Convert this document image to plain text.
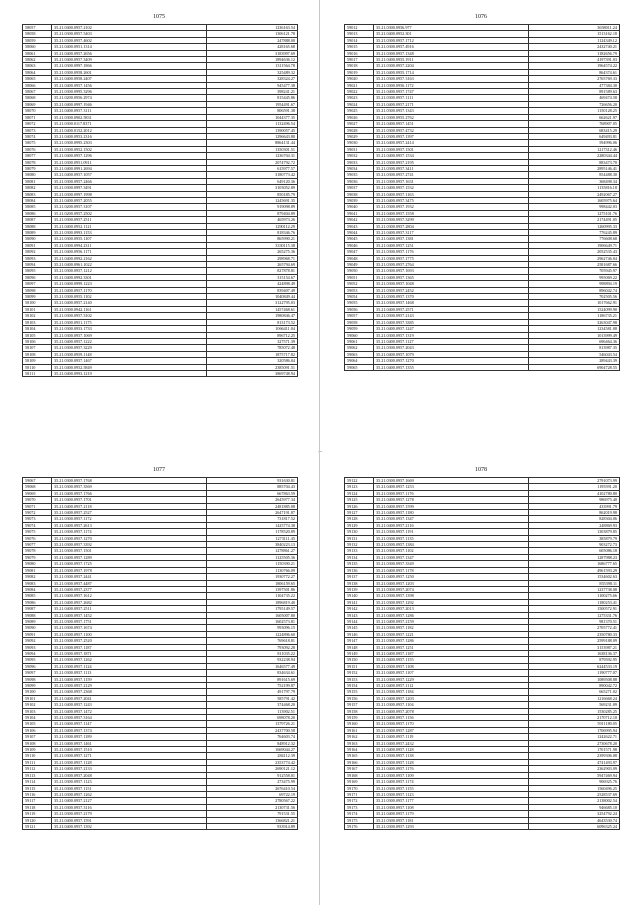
1075
58057	35.21.0400.0957.2102	1236163.54
58058	35.21.0300.0957.5403	1306121.78
58059	35.21.0300.0957.4602	247888.00
58060	35.21.0400.0951.1314	428165.68
58061	35.21.0400.0957.2656	3183997.69
58062	35.21.0400.0957.3409	1894636.12
58063	35.21.0300.0997.1866	1311564.78
58064	35.21.0300.0958.2601	325489.32
58065	35.21.0400.0958.2407	328324.27
58066	35.21.0400.0957.1456	945477.38
58067	35.21.0300.0995.3296	398241.21
58068	35.21.0200.0956.2974	815445.86
58069	35.21.0400.0997.1946	1954491.67
58070	35.21.0400.0957.3111	806591.38
58071	35.21.0300.0902.5831	1044377.35
58072	35.21.0300.0117.8371	1132496.54
58073	35.21.0400.0152.2012	1390057.45
58074	35.21.0400.0953.2316	1296643.80
58075	35.21.0300.0995.2303	8864131.44
58076	35.21.0300.0952.1502	1350301.51
58077	35.21.0400.0957.1296	1236704.31
58078	35.21.0300.0951.0911	2074792.72
58079	35.21.0400.0991.2694	615977.57
58080	35.21.0400.0957.1057	3180773.42
58081	35.21.0300.0957.2466	649120.36
58082	35.21.0300.0997.3491	3103052.89
58083	35.21.0300.0997.1998	850185.79
58084	35.21.0400.0957.2055	1245691.35
58085	35.21.0200.0957.3107	919098.89
58086	35.21.0200.0957.2502	879404.89
58087	35.21.0300.0957.2511	465973.26
58088	35.21.0400.0952.1121	1290112.29
58089	35.21.0300.0993.1153	818346.76
58090	35.21.0300.0955.1107	865990.21
58091	35.21.0300.0994.2311	3330115.38
58092	35.21.0400.0956.1171	265275.36
58093	35.21.0400.0992.2162	298968.71
58094	35.21.0400.0961.1022	265794.69
58095	35.21.0300.0957.1212	827878.81
58096	35.21.0400.0992.3301	315154.67
58097	35.21.0400.0999.1223	424898.49
58098	35.21.0400.0957.1170	839407.49
58099	35.21.0300.0955.1102	1040849.44
58100	35.21.0400.0957.2140	3122795.03
58101	35.21.0300.0942.1161	1457468.61
58102	35.21.0300.0957.3102	1980846.47
58103	35.21.0300.0951.1175	813173.52
58104	35.21.0300.0953.1733	1066411.04
58105	35.21.0300.0957.1069	896712.25
58106	35.21.0400.0957.1222	327571.39
58107	35.21.0300.0957.3229	785072.48
58108	35.21.0300.0959.1148	1875717.82
58109	35.21.0300.0957.1467	320586.04
58110	35.21.0400.0952.5849	2385091.51
58111	35.21.0400.0993.1219	3869748.94
1076
59012	35.21.0300.0956.977	3658011.24
59013	35.21.0400.0952.301	1513162.18
59014	35.21.0300.0957.1712	1124349.12
59015	35.21.0300.0957.4916	2432740.21
59016	35.21.0300.0957.1348	1182656.79
59017	35.21.0400.0955.1911	4197391.03
59018	35.21.0300.0957.2204	1964574.22
59019	35.21.0400.0955.1714	864374.61
59020	35.21.0300.0957.3163	2765769.33
59021	35.21.0300.0956.1172	477384.30
59022	35.21.0400.0957.1747	891589.63
59023	35.21.0300.0957.1111	469474.58
59024	35.21.0400.0957.2171	726656.20
59025	35.21.0300.0957.1343	1150128.25
59026	35.21.0300.0955.2762	662621.97
59027	35.21.0400.0957.1451	768907.05
59028	35.21.0300.0957.4732	683415.29
59029	35.21.0300.0957.1397	649493.81
59030	35.21.0400.0957.2414	594996.06
59031	35.21.0300.0957.1501	1217312.46
59032	35.21.0400.0957.1534	2280344.44
59033	35.21.0300.0957.2195	883473.70
59034	35.21.0300.0957.3411	2895146.41
59035	35.21.0300.0957.2741	854488.30
59036	35.21.0300.0957.1631	368498.34
59037	35.21.0400.0957.1532	1135816.18
59038	35.21.0400.0957.1163	2492067.27
59039	35.21.0400.0957.3475	1605975.64
59040	35.21.0300.0957.1932	998442.03
59041	35.21.0400.0957.1558	1275101.76
59042	35.21.0300.0957.3299	2174491.05
59043	35.21.0300.0957.2804	1260995.33
59044	35.21.0400.0957.3117	776245.89
59045	35.21.0400.0957.1381	776608.68
59046	35.21.0400.0957.1251	1906649.71
59047	35.21.0300.0957.1176	2052535.43
59048	35.21.0300.0957.1775	2962746.04
59049	35.21.0300.0957.2764	2581687.66
59050	35.21.0300.0957.1693	705945.97
59051	35.21.0400.0957.1365	995069.22
59052	35.21.0300.0957.1048	998894.19
59053	35.21.0300.0957.2452	896042.74
59054	35.21.0300.0957.1370	702505.56
59055	35.21.0300.0957.1468	1017662.91
59056	35.21.0400.0957.2571	1524099.90
59057	35.21.0300.0957.2143	1186735.21
59058	35.21.0400.0957.3385	3263047.98
59059	35.21.0400.0957.1247	1234581.08
59060	35.21.0300.0957.1319	1013999.49
59061	35.21.0400.0957.1127	696464.36
59062	35.21.0300.0957.2043	813987.35
59063	35.21.0400.0957.1079	546043.54
59064	35.21.0300.0957.1270	289443.39
59065	35.21.0400.0957.1355	6904728.55
1077
59067	35.21.0300.0957.1768	931630.81
59068	35.21.0300.0957.3569	885704.43
59069	35.21.0400.0957.1766	667863.59
59070	35.21.0400.0957.1701	2645977.34
59071	35.21.0400.0957.2118	2481885.08
59072	35.21.0400.0957.2527	2647191.87
59073	35.21.0300.0957.1172	731817.52
59074	35.21.0400.0957.2613	1425774.38
59075	35.21.0300.0957.1174	1178520.89
59076	35.21.0300.0957.1270	1273111.45
59077	35.21.0300.0957.3392	3840223.13
59078	35.21.0300.0957.1501	1278861.27
59079	35.21.0400.0957.1289	1125505.36
59080	35.21.0400.0957.1725	1150390.21
59081	35.21.0300.0957.1978	1130766.09
59082	35.21.0300.0957.2441	1930772.27
59083	35.21.0300.0957.4487	1806159.65
59084	35.21.0400.0957.2377	1397501.86
59085	35.21.0400.0957.1612	1104735.22
59086	35.21.0400.0957.2682	1896819.40
59087	35.21.0400.0957.2511	1795149.57
59088	35.21.0400.0957.1452	1605007.80
59089	35.21.0300.0957.1751	1602573.81
59090	35.21.0300.0957.1674	993096.15
59091	35.21.0300.0957.1100	1224896.60
59092	35.21.0300.0957.2520	769618.81
59093	35.21.0300.0957.1187	793092.28
59094	35.21.0300.0957.1871	811035.22
59095	35.21.0300.0957.1262	932238.94
59096	35.21.0300.0957.1124	1646577.49
59097	35.21.0300.0957.1113	834634.61
59098	35.21.0400.0957.1159	891615.69
59099	35.21.0300.0957.2129	752199.87
59100	35.21.0400.0957.2368	491797.79
59101	35.21.0400.0957.2041	585791.42
59102	35.21.0400.0957.1243	374468.20
59103	35.21.0400.0957.1472	113902.51
59104	35.21.0300.0957.3164	698078.20
59105	35.21.0400.0957.1147	1379726.21
59106	35.21.0400.0957.1374	2437700.58
59107	35.21.0300.0957.1189	764603.74
59108	35.21.0400.0957.1461	848912.32
59109	35.21.0400.0957.1510	1669044.27
59110	35.21.0300.0957.1271	284112.39
59111	35.21.0300.0957.1128	2353774.42
59112	35.21.0400.0957.2133	2690121.12
59113	35.21.0300.0957.2048	912558.01
59114	35.21.0300.0957.1123	273475.99
59115	35.21.0300.0957.1151	2676410.54
59116	35.21.0300.0957.1262	69722.19
59117	35.21.0400.0957.2127	2780567.22
59118	35.21.0300.0957.3116	2130731.56
59119	35.21.0300.0957.2179	791531.55
59120	35.21.0400.0957.1591	1366821.21
59121	35.21.0400.0957.1392	933914.89
1078
59122	35.21.0300.0957.1669	2791073.99
59123	35.21.0400.0957.1253	1195591.20
59124	35.21.0300.0957.1176	4102780.80
59125	35.21.0400.0957.1278	986975.40
59126	35.21.0400.0957.1599	433991.79
59127	35.21.0400.0957.1180	862019.98
59128	35.21.0300.0957.1347	828304.06
59129	35.21.0400.0957.2116	248869.93
59130	35.21.0300.0957.1191	1303879.85
59131	35.21.0300.0957.1135	385879.79
59132	35.21.0300.0957.1384	903272.73
59133	35.21.0300.0957.1102	605086.18
59134	35.21.0300.0957.1347	1287988.23
59135	35.21.0300.0957.3349	1686777.65
59136	35.21.0400.0957.1178	4961593.29
59137	35.21.0400.0957.1250	1534602.63
59138	35.21.0400.0957.1203	855398.11
59139	35.21.0300.0957.2074	1237738.08
59140	35.21.0300.0957.1398	1100275.66
59141	35.21.0300.0957.1292	1180253.41
59142	35.21.0300.0957.2013	1500572.91
59143	35.21.0400.0957.1286	1275331.76
59144	35.21.0400.0957.2159	981370.51
59145	35.21.0300.0957.1182	2705772.41
59146	35.21.0300.0957.1221	2350780.33
59147	35.21.0300.0957.1286	2599188.09
59148	35.21.0400.0957.1251	3153987.21
59149	35.21.0400.0957.1187	1638136.37
59150	35.21.0400.0957.1155	879592.95
59151	35.21.0300.0957.1108	6244533.19
59152	35.21.0400.0957.1107	1190777.07
59153	35.21.0300.0957.1229	1089508.88
59154	35.21.0400.0957.1112	890042.72
59155	35.21.0300.0957.1184	665271.02
59156	35.21.0400.0957.1203	1216668.24
59157	35.21.0300.0957.1104	569231.09
59158	35.21.0400.0957.2078	1530285.25
59159	35.21.0400.0957.1156	2170712.10
59160	35.21.0300.0957.1170	5911180.05
59161	35.21.0300.0957.1287	1706995.94
59162	35.21.0400.0957.1119	1242622.71
59163	35.21.0400.0957.2432	2730678.20
59164	35.21.0400.0957.1128	1701571.98
59165	35.21.0300.0957.1138	2399306.08
59166	35.21.0300.0957.1128	4741493.97
59167	35.21.0400.0957.1176	2362903.09
59168	35.21.0300.0957.1109	5947469.94
59169	35.21.0400.0957.1174	906925.76
59170	35.21.0300.0957.1155	1560496.25
59171	35.21.0300.0957.1123	2528537.69
59172	35.21.0300.0957.1177	2138002.54
59173	35.21.0300.0957.1108	946685.10
59174	35.21.0400.0957.1179	3254792.24
59175	35.21.0300.0957.1181	4643530.74
59176	35.21.0300.0957.1293	6096325.24
